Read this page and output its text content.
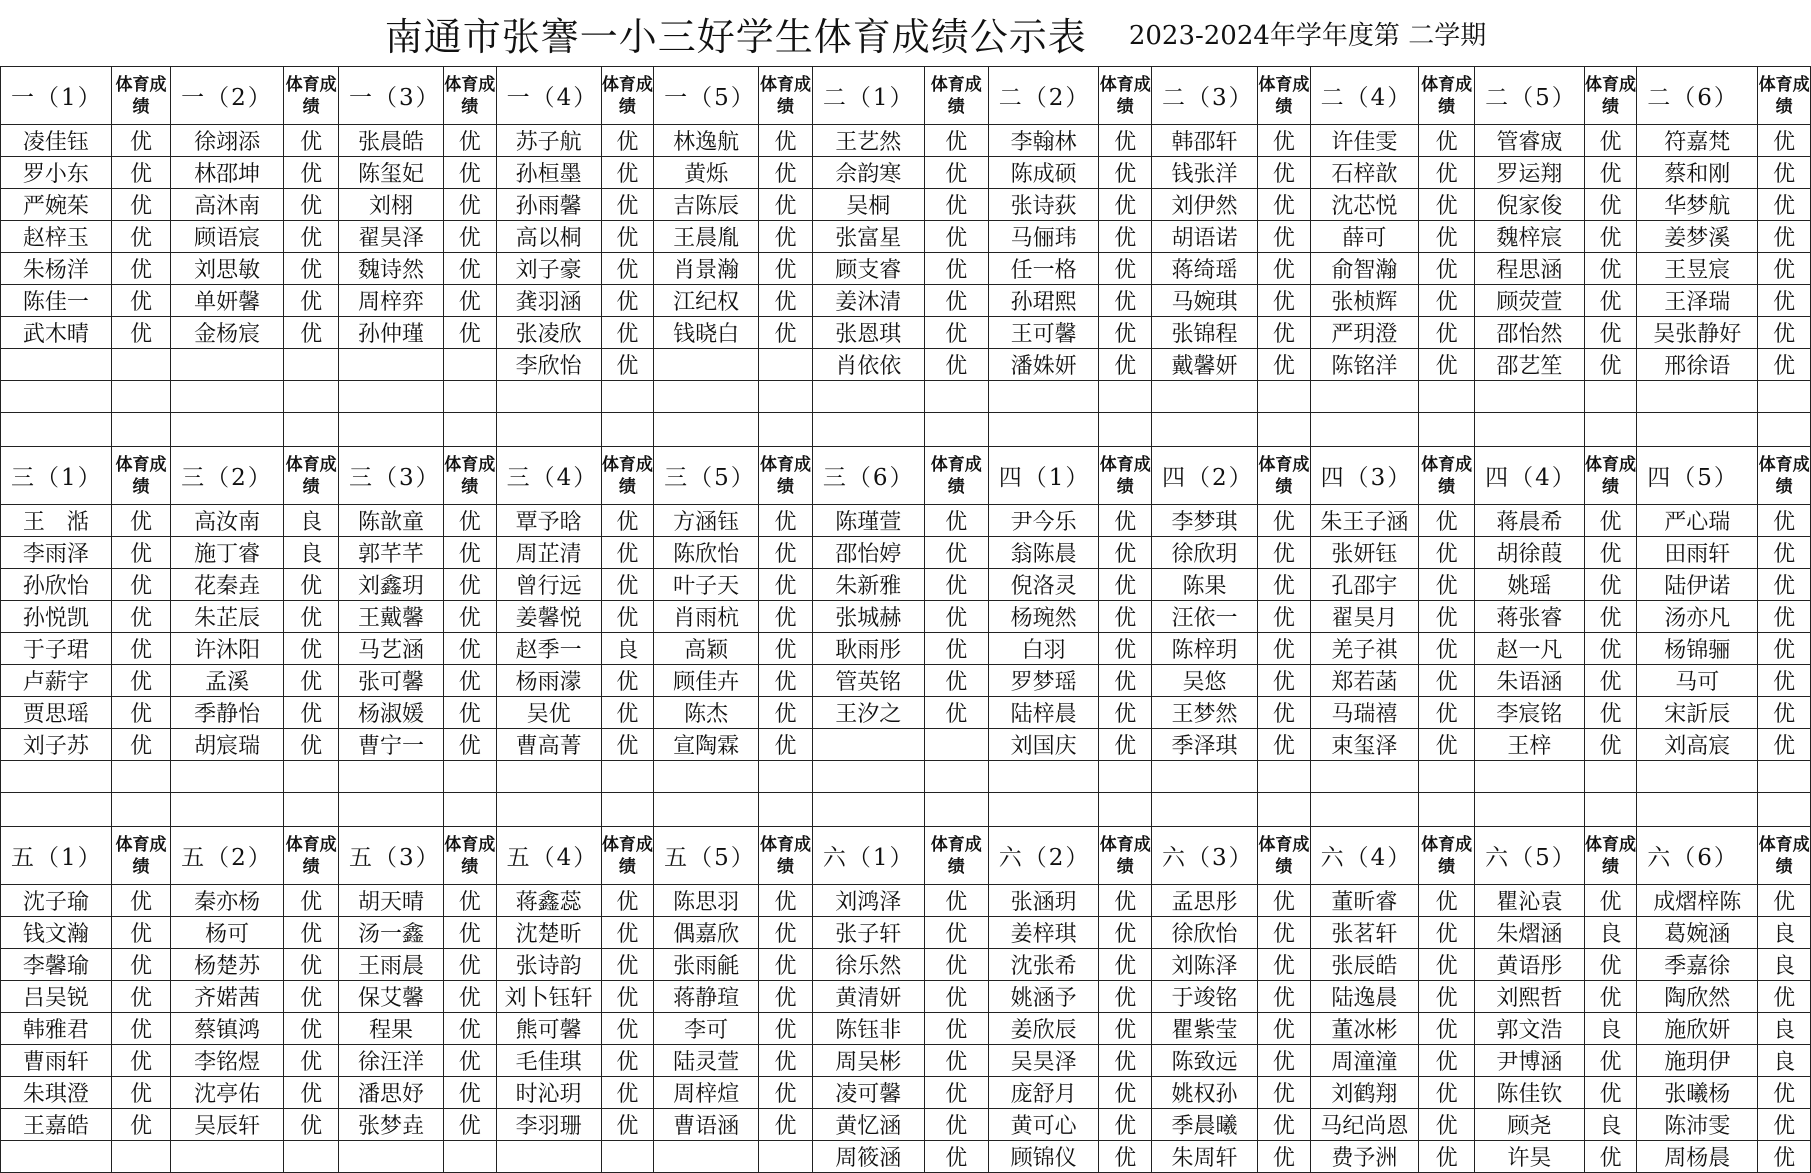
南通市张謇一小三好学生体育成绩公示表 2023-2024年学年度第 二学期
一（1）	体育成绩	一（2）	体育成绩	一（3）	体育成绩	一（4）	体育成绩	一（5）	体育成绩	二（1）	体育成绩	二（2）	体育成绩	二（3）	体育成绩	二（4）	体育成绩	二（5）	体育成绩	二（6）	体育成绩
凌佳钰	优	徐翊添	优	张晨皓	优	苏子航	优	林逸航	优	王艺然	优	李翰林	优	韩邵轩	优	许佳雯	优	管睿宬	优	符嘉梵	优
罗小东	优	林邵坤	优	陈玺妃	优	孙桓墨	优	黄烁	优	佘韵寒	优	陈成硕	优	钱张洋	优	石梓歆	优	罗运翔	优	蔡和刚	优
严婉茱	优	高沐南	优	刘栩	优	孙雨馨	优	吉陈辰	优	吴桐	优	张诗荻	优	刘伊然	优	沈芯悦	优	倪家俊	优	华梦航	优
赵梓玉	优	顾语宸	优	翟昊泽	优	高以桐	优	王晨胤	优	张富星	优	马俪玮	优	胡语诺	优	薛可	优	魏梓宸	优	姜梦溪	优
朱杨洋	优	刘思敏	优	魏诗然	优	刘子豪	优	肖景瀚	优	顾支睿	优	任一格	优	蒋绮瑶	优	俞智瀚	优	程思涵	优	王昱宸	优
陈佳一	优	单妍馨	优	周梓弈	优	龚羽涵	优	江纪权	优	姜沐清	优	孙珺熙	优	马婉琪	优	张桢辉	优	顾荧萱	优	王泽瑞	优
武木晴	优	金杨宸	优	孙仲瑾	优	张凌欣	优	钱晓白	优	张恩琪	优	王可馨	优	张锦程	优	严玥澄	优	邵怡然	优	吴张静好	优
						李欣怡	优			肖依依	优	潘姝妍	优	戴馨妍	优	陈铭洋	优	邵艺笙	优	邢徐语	优

三（1）	体育成绩	三（2）	体育成绩	三（3）	体育成绩	三（4）	体育成绩	三（5）	体育成绩	三（6）	体育成绩	四（1）	体育成绩	四（2）	体育成绩	四（3）	体育成绩	四（4）	体育成绩	四（5）	体育成绩
王　湉	优	高汝南	良	陈歆童	优	覃予晗	优	方涵钰	优	陈瑾萱	优	尹今乐	优	李梦琪	优	朱王子涵	优	蒋晨希	优	严心瑞	优
李雨泽	优	施丁睿	良	郭芊芊	优	周芷清	优	陈欣怡	优	邵怡婷	优	翁陈晨	优	徐欣玥	优	张妍钰	优	胡徐葭	优	田雨轩	优
孙欣怡	优	花秦垚	优	刘鑫玥	优	曾行远	优	叶子天	优	朱新雅	优	倪洛灵	优	陈果	优	孔邵宇	优	姚瑶	优	陆伊诺	优
孙悦凯	优	朱芷辰	优	王戴馨	优	姜馨悦	优	肖雨杭	优	张城赫	优	杨琬然	优	汪依一	优	翟昊月	优	蒋张睿	优	汤亦凡	优
于子珺	优	许沐阳	优	马艺涵	优	赵季一	良	高颖	优	耿雨彤	优	白羽	优	陈梓玥	优	羌子祺	优	赵一凡	优	杨锦骊	优
卢薪宇	优	孟溪	优	张可馨	优	杨雨濛	优	顾佳卉	优	管英铭	优	罗梦瑶	优	吴悠	优	郑若菡	优	朱语涵	优	马可	优
贾思瑶	优	季静怡	优	杨淑媛	优	吴优	优	陈杰	优	王汐之	优	陆梓晨	优	王梦然	优	马瑞禧	优	李宸铭	优	宋訢辰	优
刘子苏	优	胡宸瑞	优	曹宁一	优	曹高菁	优	宣陶霖	优			刘国庆	优	季泽琪	优	束玺泽	优	王梓	优	刘高宸	优

五（1）	体育成绩	五（2）	体育成绩	五（3）	体育成绩	五（4）	体育成绩	五（5）	体育成绩	六（1）	体育成绩	六（2）	体育成绩	六（3）	体育成绩	六（4）	体育成绩	六（5）	体育成绩	六（6）	体育成绩
沈子瑜	优	秦亦杨	优	胡天晴	优	蒋鑫蕊	优	陈思羽	优	刘鸿泽	优	张涵玥	优	孟思彤	优	董昕睿	优	瞿沁袁	优	成熠梓陈	优
钱文瀚	优	杨可	优	汤一鑫	优	沈楚昕	优	偶嘉欣	优	张子轩	优	姜梓琪	优	徐欣怡	优	张茗轩	优	朱熠涵	良	葛婉涵	良
李馨瑜	优	杨楚苏	优	王雨晨	优	张诗韵	优	张雨毹	优	徐乐然	优	沈张希	优	刘陈泽	优	张辰皓	优	黄语彤	优	季嘉徐	良
吕吴锐	优	齐婼茜	优	保艾馨	优	刘卜钰轩	优	蒋静瑄	优	黄清妍	优	姚涵予	优	于竣铭	优	陆逸晨	优	刘熙哲	优	陶欣然	优
韩雅君	优	蔡镇鸿	优	程果	优	熊可馨	优	李可	优	陈钰非	优	姜欣辰	优	瞿紫莹	优	董冰彬	优	郭文浩	良	施欣妍	良
曹雨轩	优	李铭煜	优	徐汪洋	优	毛佳琪	优	陆灵萱	优	周吴彬	优	吴昊泽	优	陈致远	优	周潼潼	优	尹博涵	优	施玥伊	良
朱琪澄	优	沈亭佑	优	潘思妤	优	时沁玥	优	周梓煊	优	凌可馨	优	庞舒月	优	姚权孙	优	刘鹤翔	优	陈佳钦	优	张曦杨	优
王嘉皓	优	吴辰轩	优	张梦垚	优	李羽珊	优	曹语涵	优	黄忆涵	优	黄可心	优	季晨曦	优	马纪尚恩	优	顾尧	良	陈沛雯	优
										周筱涵	优	顾锦仪	优	朱周轩	优	费予洲	优	许昊	优	周杨晨	优
